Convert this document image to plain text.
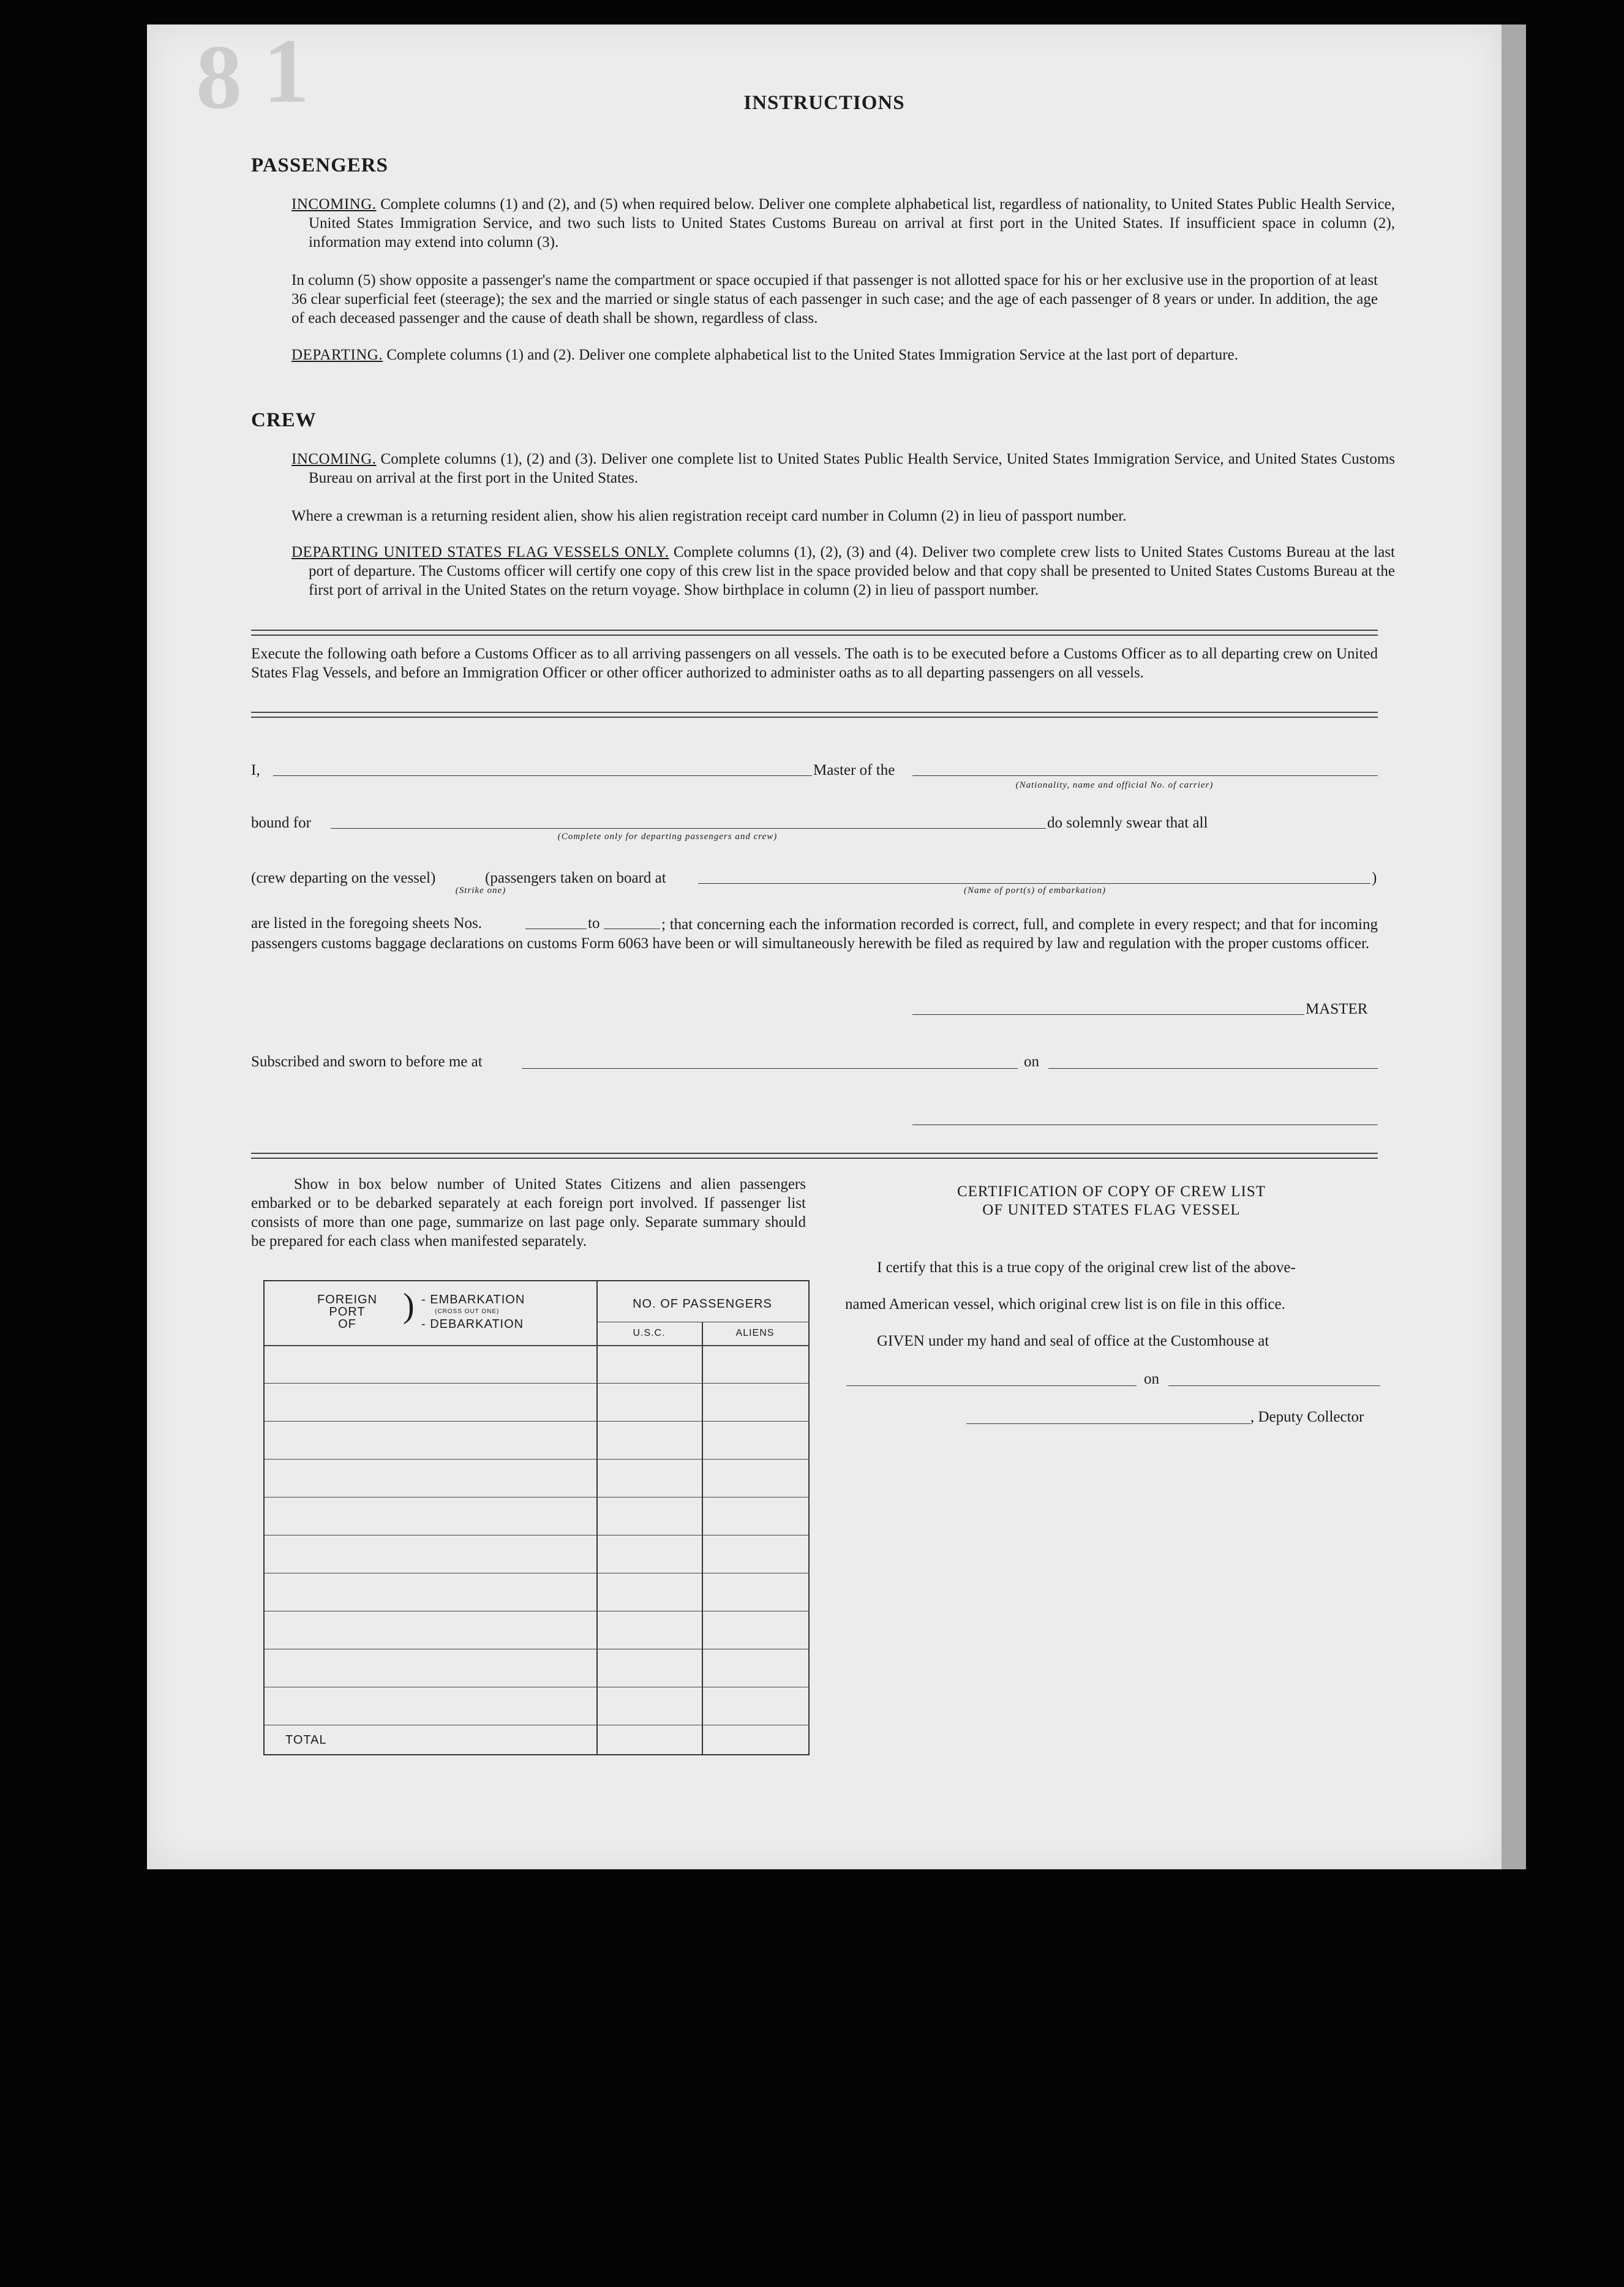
8 1	INSTRUCTIONS
PASSENGERS
INCOMING. Complete columns (1) and (2), and (5) when required below. Deliver one complete alphabetical list, regardless of nationality, to United States Public Health Service, United States Immigration Service, and two such lists to United States Customs Bureau on arrival at first port in the United States. If insufficient space in column (2), information may extend into column (3).
In column (5) show opposite a passenger's name the compartment or space occupied if that passenger is not allotted space for his or her exclusive use in the proportion of at least 36 clear superficial feet (steerage); the sex and the married or single status of each passenger in such case; and the age of each passenger of 8 years or under. In addition, the age of each deceased passenger and the cause of death shall be shown, regardless of class.
DEPARTING. Complete columns (1) and (2). Deliver one complete alphabetical list to the United States Immigration Service at the last port of departure.
CREW
INCOMING. Complete columns (1), (2) and (3). Deliver one complete list to United States Public Health Service, United States Immigration Service, and United States Customs Bureau on arrival at the first port in the United States.
Where a crewman is a returning resident alien, show his alien registration receipt card number in Column (2) in lieu of passport number.
DEPARTING UNITED STATES FLAG VESSELS ONLY. Complete columns (1), (2), (3) and (4). Deliver two complete crew lists to United States Customs Bureau at the last port of departure. The Customs officer will certify one copy of this crew list in the space provided below and that copy shall be presented to United States Customs Bureau at the first port of arrival in the United States on the return voyage. Show birthplace in column (2) in lieu of passport number.
Execute the following oath before a Customs Officer as to all arriving passengers on all vessels. The oath is to be executed before a Customs Officer as to all departing crew on United States Flag Vessels, and before an Immigration Officer or other officer authorized to administer oaths as to all departing passengers on all vessels.
I,	Master of the
(Nationality, name and official No. of carrier)
bound for	do solemnly swear that all
(Complete only for departing passengers and crew)
(crew departing on the vessel)	(passengers taken on board at	)
(Strike one)	(Name of port(s) of embarkation)
are listed in the foregoing sheets Nos.	to	; that concerning each the information recorded is correct, full, and complete in every respect; and that for incoming passengers customs baggage declarations on customs Form 6063 have been or will simultaneously herewith be filed as required by law and regulation with the proper customs officer.
MASTER
Subscribed and sworn to before me at	on
Show in box below number of United States Citizens and alien passengers embarked or to be debarked separately at each foreign port involved. If passenger list consists of more than one page, summarize on last page only. Separate summary should be prepared for each class when manifested separately.
FOREIGN
PORT
OF	) - EMBARKATION
(CROSS OUT ONE)
- DEBARKATION
NO. OF PASSENGERS
U.S.C.	ALIENS
TOTAL
CERTIFICATION OF COPY OF CREW LIST
OF UNITED STATES FLAG VESSEL
I certify that this is a true copy of the original crew list of the above-
named American vessel, which original crew list is on file in this office.
GIVEN under my hand and seal of office at the Customhouse at
on
, Deputy Collector
